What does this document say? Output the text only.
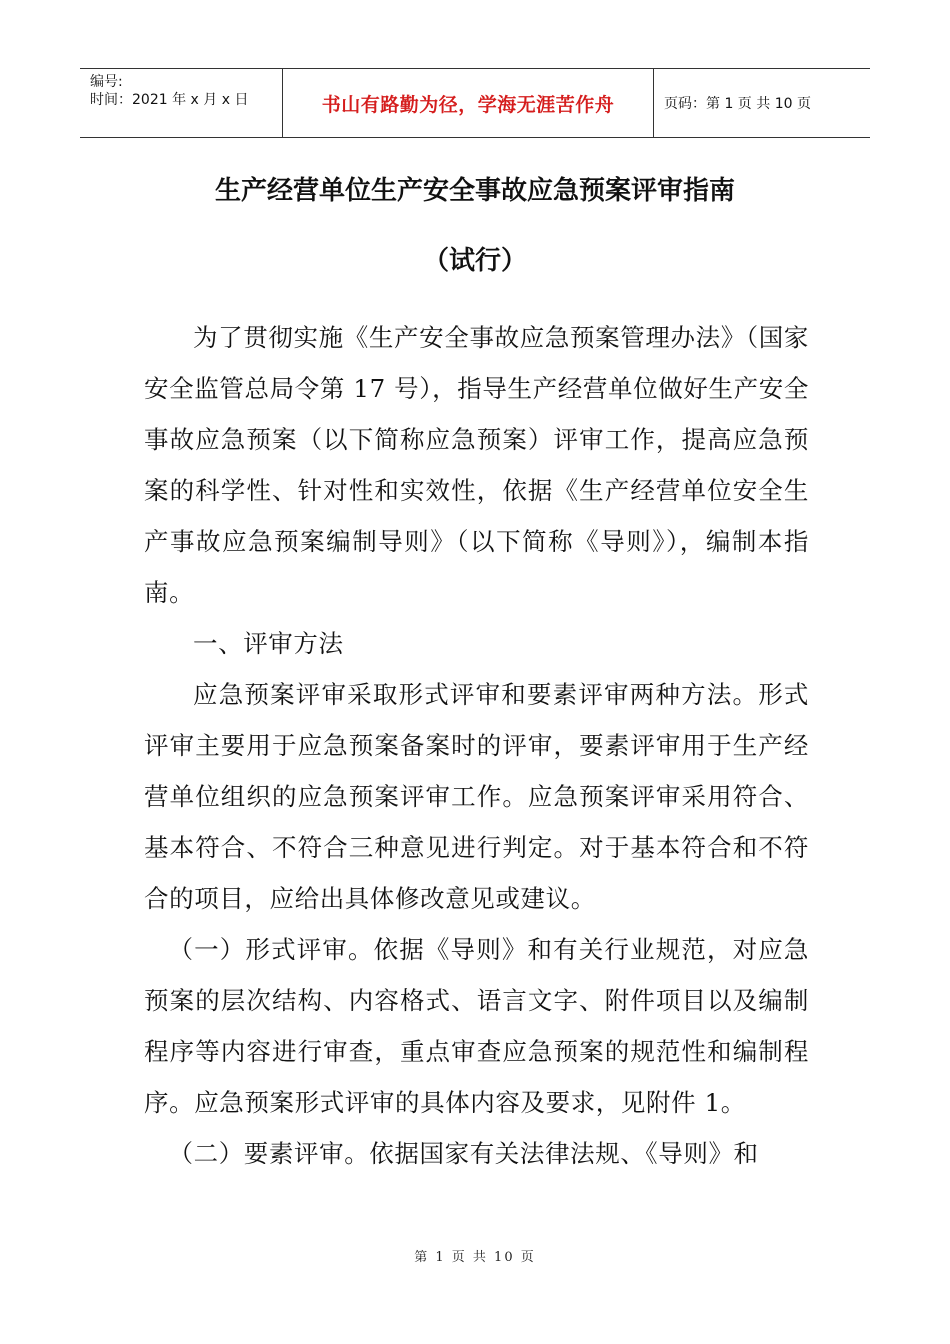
编号:
时间：2021 年 x 月 x 日	书山有路勤为径，学海无涯苦作舟	页码：第 1 页 共 10 页
生产经营单位生产安全事故应急预案评审指南
（试行）

为了贯彻实施《生产安全事故应急预案管理办法》（国家安全监管总局令第 17 号），指导生产经营单位做好生产安全事故应急预案（以下简称应急预案）评审工作，提高应急预案的科学性、针对性和实效性，依据《生产经营单位安全生产事故应急预案编制导则》（以下简称《导则》），编制本指南。

一、评审方法

应急预案评审采取形式评审和要素评审两种方法。形式评审主要用于应急预案备案时的评审，要素评审用于生产经营单位组织的应急预案评审工作。应急预案评审采用符合、基本符合、不符合三种意见进行判定。对于基本符合和不符合的项目，应给出具体修改意见或建议。

（一）形式评审。依据《导则》和有关行业规范，对应急预案的层次结构、内容格式、语言文字、附件项目以及编制程序等内容进行审查，重点审查应急预案的规范性和编制程序。应急预案形式评审的具体内容及要求，见附件 1。

（二）要素评审。依据国家有关法律法规、《导则》和

第 1 页 共 10 页
